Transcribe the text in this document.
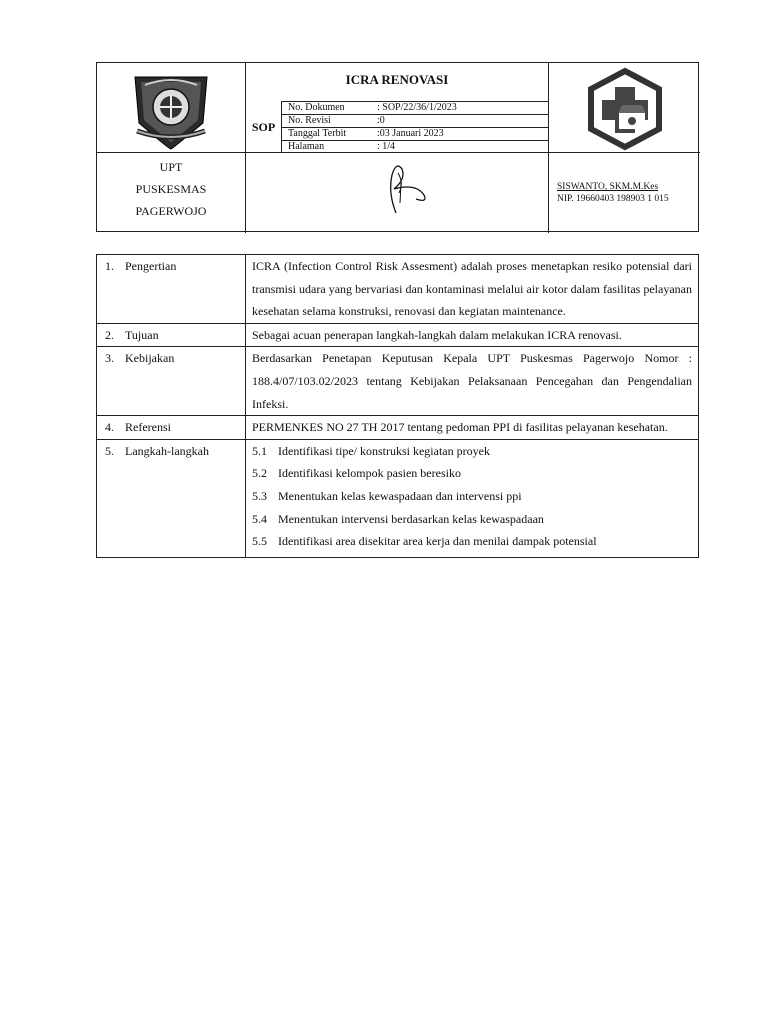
ICRA RENOVASI
SOP
No. Dokumen	: SOP/22/36/1/2023
No. Revisi	:0
Tanggal Terbit	:03 Januari 2023
Halaman	: 1/4
UPT
PUSKESMAS
PAGERWOJO
SISWANTO, SKM.M.Kes
NIP. 19660403 198903 1 015
1. Pengertian	ICRA (Infection Control Risk Assesment) adalah proses menetapkan resiko potensial dari transmisi udara yang bervariasi dan kontaminasi melalui air kotor dalam fasilitas pelayanan kesehatan selama konstruksi, renovasi dan kegiatan maintenance.
2. Tujuan	Sebagai acuan penerapan langkah-langkah dalam melakukan ICRA renovasi.
3. Kebijakan	Berdasarkan Penetapan Keputusan Kepala UPT Puskesmas Pagerwojo Nomor : 188.4/07/103.02/2023 tentang Kebijakan Pelaksanaan Pencegahan dan Pengendalian Infeksi.
4. Referensi	PERMENKES NO 27 TH 2017 tentang pedoman PPI di fasilitas pelayanan kesehatan.
5. Langkah-langkah	5.1 Identifikasi tipe/ konstruksi kegiatan proyek
5.2 Identifikasi kelompok pasien beresiko
5.3 Menentukan kelas kewaspadaan dan intervensi ppi
5.4 Menentukan intervensi berdasarkan kelas kewaspadaan
5.5 Identifikasi area disekitar area kerja dan menilai dampak potensial
